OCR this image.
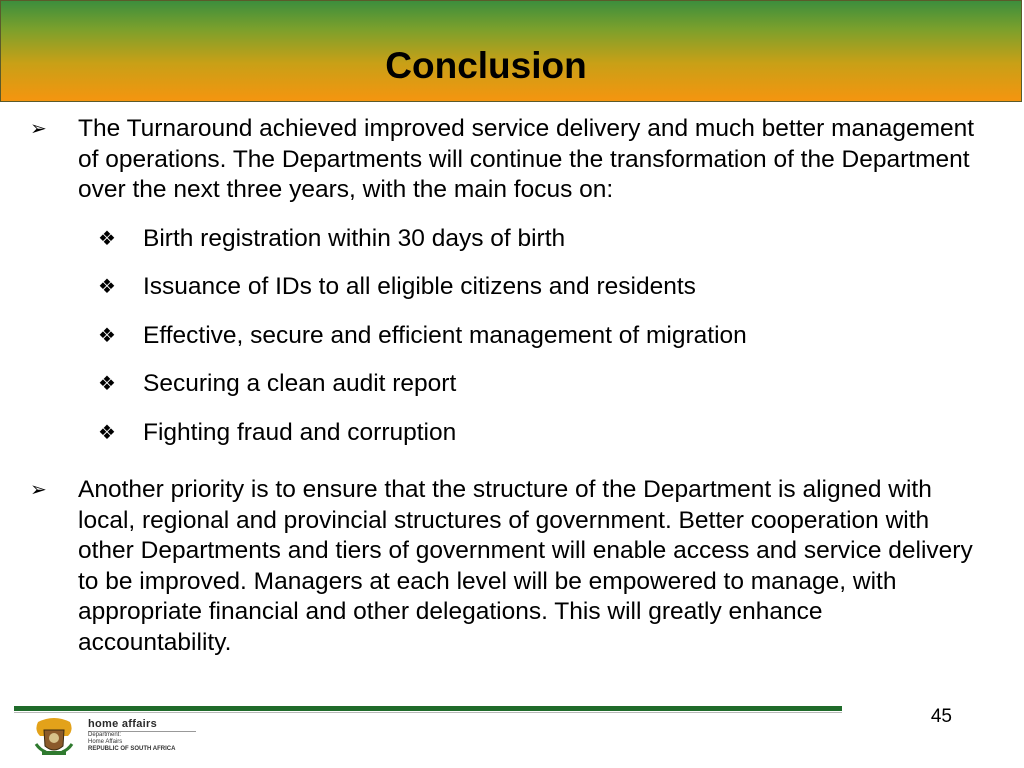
Conclusion
➢	The Turnaround achieved improved service delivery and much better management of operations. The Departments will continue the transformation of the Department over the next three years, with the main focus on:
❖	Birth registration within 30 days of birth
❖	Issuance of IDs to all eligible citizens and residents
❖	Effective, secure and efficient management of migration
❖	Securing a clean audit report
❖	Fighting fraud and corruption
➢	Another priority is to ensure that the structure of the Department is aligned with local, regional and provincial structures of government. Better cooperation with other Departments and tiers of government will enable access and service delivery to be improved. Managers at each level will be empowered to manage, with appropriate financial and other delegations. This will greatly enhance accountability.
45
home affairs
Department:
Home Affairs
REPUBLIC OF SOUTH AFRICA
